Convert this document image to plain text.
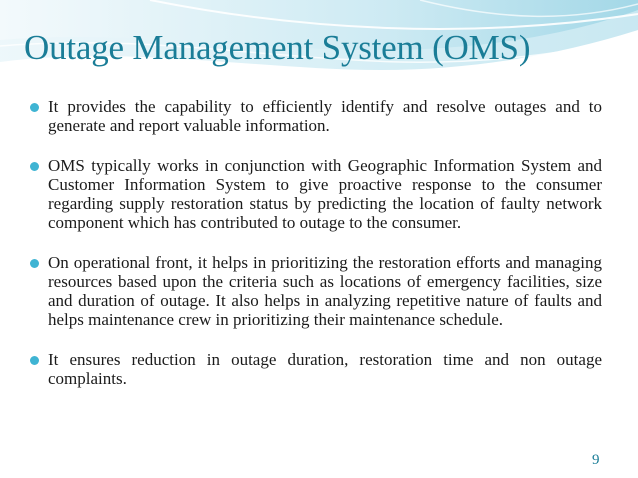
Outage Management System (OMS)
It provides the capability to efficiently identify and resolve outages and to generate and report valuable information.
OMS typically works in conjunction with Geographic Information System and Customer Information System to give proactive response to the consumer regarding supply restoration status by predicting the location of faulty network component which has contributed to outage to the consumer.
On operational front, it helps in prioritizing the restoration efforts and managing resources based upon the criteria such as locations of emergency facilities, size and duration of outage. It also helps in analyzing repetitive nature of faults and helps maintenance crew in prioritizing their maintenance schedule.
It ensures reduction in outage duration, restoration time and non outage complaints.
9
